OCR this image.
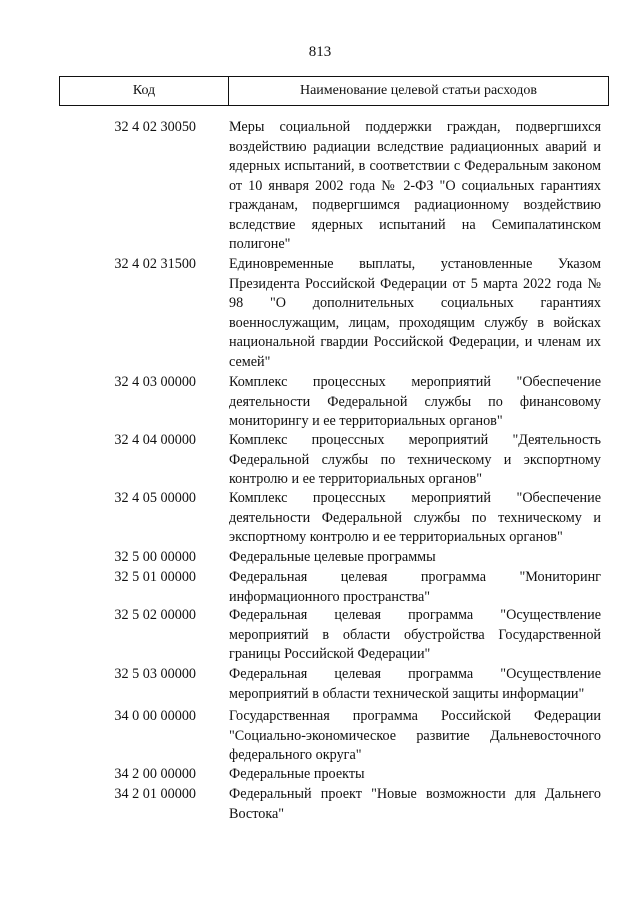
813
Код	Наименование целевой статьи расходов
32 4 02 30050 Меры социальной поддержки граждан, подвергшихся воздействию радиации вследствие радиационных аварий и ядерных испытаний, в соответствии с Федеральным законом от 10 января 2002 года № 2-ФЗ "О социальных гарантиях гражданам, подвергшимся радиационному воздействию вследствие ядерных испытаний на Семипалатинском полигоне"
32 4 02 31500 Единовременные выплаты, установленные Указом Президента Российской Федерации от 5 марта 2022 года № 98 "О дополнительных социальных гарантиях военнослужащим, лицам, проходящим службу в войсках национальной гвардии Российской Федерации, и членам их семей"
32 4 03 00000 Комплекс процессных мероприятий "Обеспечение деятельности Федеральной службы по финансовому мониторингу и ее территориальных органов"
32 4 04 00000 Комплекс процессных мероприятий "Деятельность Федеральной службы по техническому и экспортному контролю и ее территориальных органов"
32 4 05 00000 Комплекс процессных мероприятий "Обеспечение деятельности Федеральной службы по техническому и экспортному контролю и ее территориальных органов"
32 5 00 00000 Федеральные целевые программы
32 5 01 00000 Федеральная целевая программа "Мониторинг информационного пространства"
32 5 02 00000 Федеральная целевая программа "Осуществление мероприятий в области обустройства Государственной границы Российской Федерации"
32 5 03 00000 Федеральная целевая программа "Осуществление мероприятий в области технической защиты информации"
34 0 00 00000 Государственная программа Российской Федерации "Социально-экономическое развитие Дальневосточного федерального округа"
34 2 00 00000 Федеральные проекты
34 2 01 00000 Федеральный проект "Новые возможности для Дальнего Востока"
